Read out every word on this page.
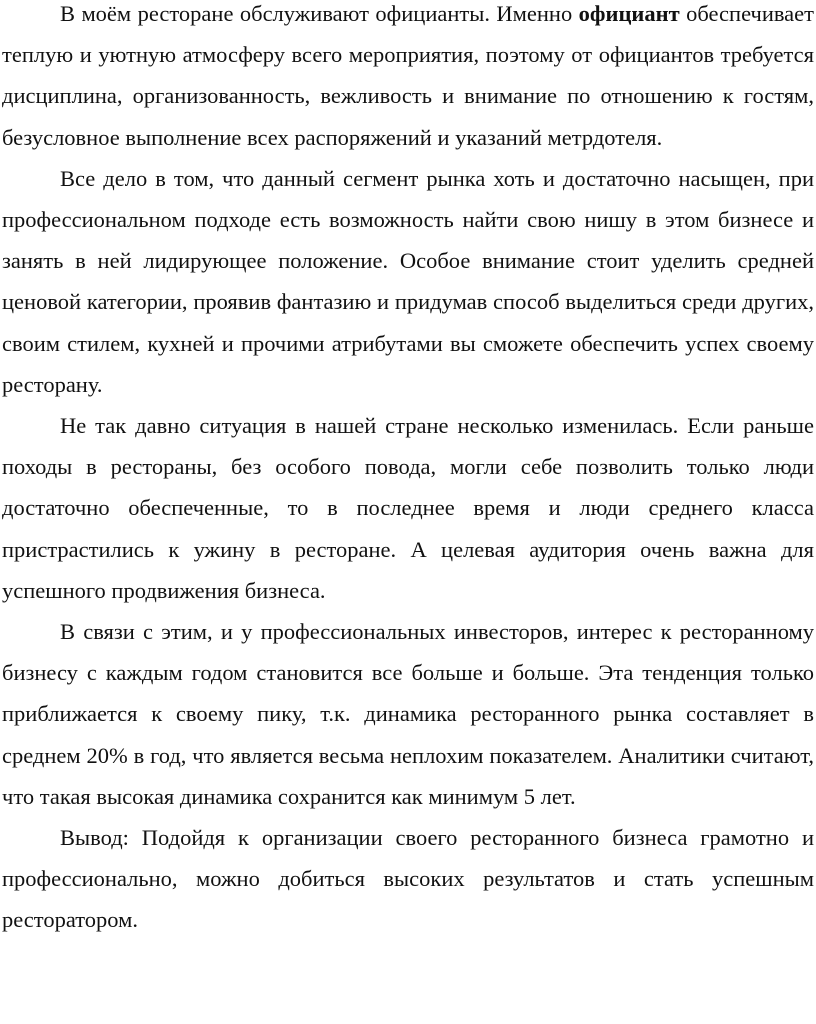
В моём ресторане обслуживают официанты. Именно официант обеспечивает теплую и уютную атмосферу всего мероприятия, поэтому от официантов требуется дисциплина, организованность, вежливость и внимание по отношению к гостям, безусловное выполнение всех распоряжений и указаний метрдотеля.

Все дело в том, что данный сегмент рынка хоть и достаточно насыщен, при профессиональном подходе есть возможность найти свою нишу в этом бизнесе и занять в ней лидирующее положение. Особое внимание стоит уделить средней ценовой категории, проявив фантазию и придумав способ выделиться среди других, своим стилем, кухней и прочими атрибутами вы сможете обеспечить успех своему ресторану.

Не так давно ситуация в нашей стране несколько изменилась. Если раньше походы в рестораны, без особого повода, могли себе позволить только люди достаточно обеспеченные, то в последнее время и люди среднего класса пристрастились к ужину в ресторане. А целевая аудитория очень важна для успешного продвижения бизнеса.

В связи с этим, и у профессиональных инвесторов, интерес к ресторанному бизнесу с каждым годом становится все больше и больше. Эта тенденция только приближается к своему пику, т.к. динамика ресторанного рынка составляет в среднем 20% в год, что является весьма неплохим показателем. Аналитики считают, что такая высокая динамика сохранится как минимум 5 лет.

Вывод: Подойдя к организации своего ресторанного бизнеса грамотно и профессионально, можно добиться высоких результатов и стать успешным ресторатором.
